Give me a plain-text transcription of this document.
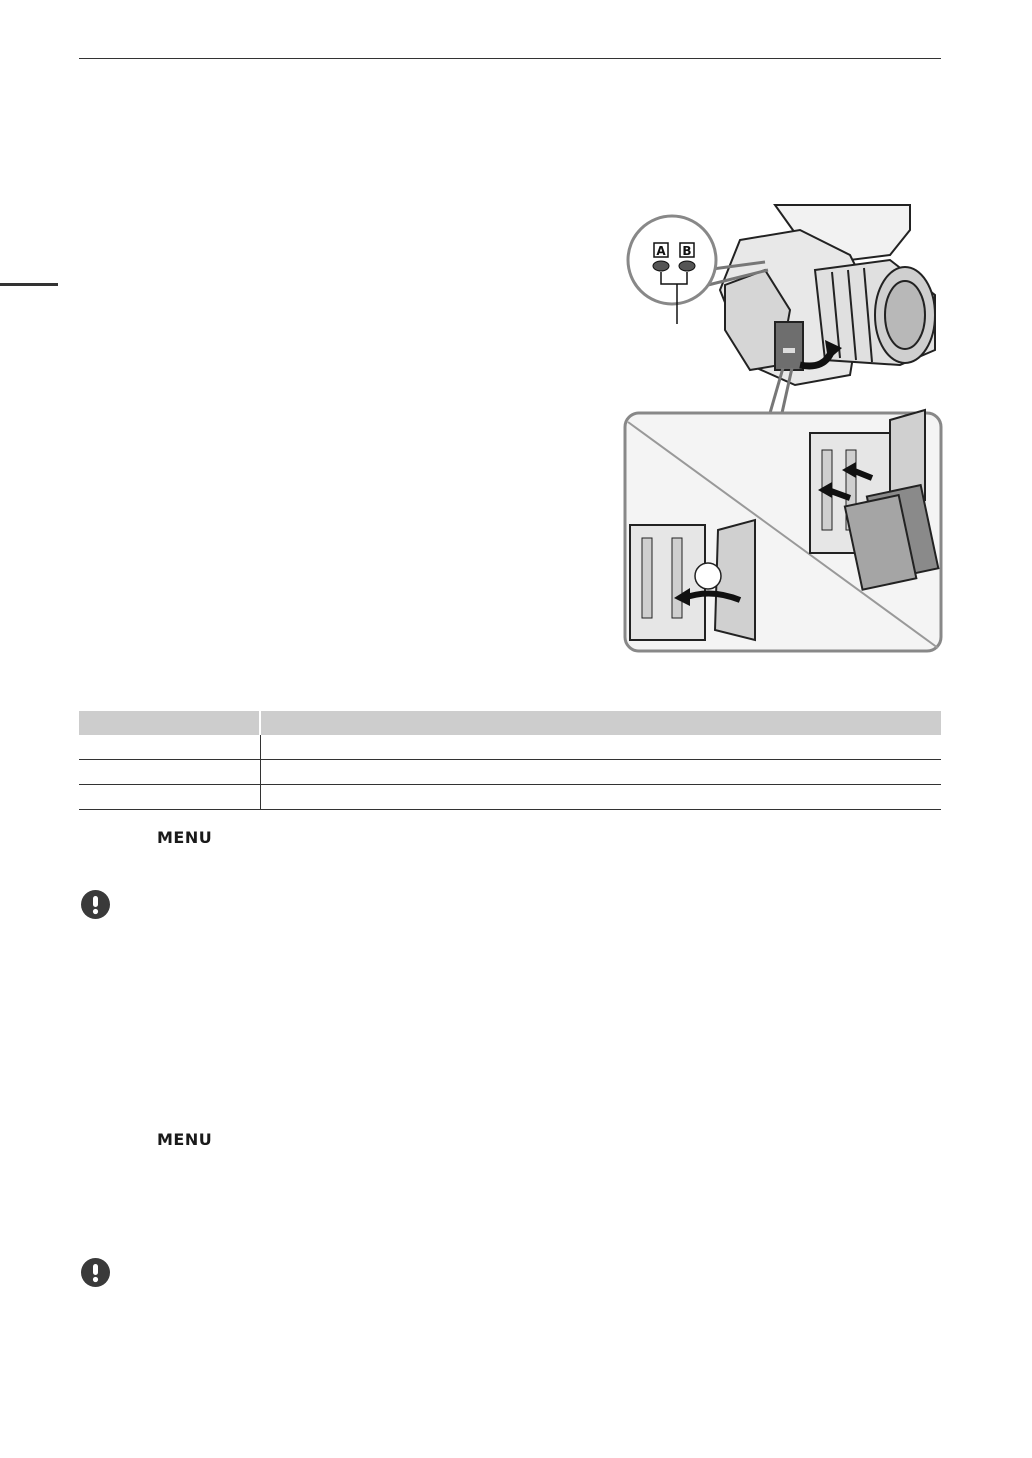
A B

MENU
MENU
